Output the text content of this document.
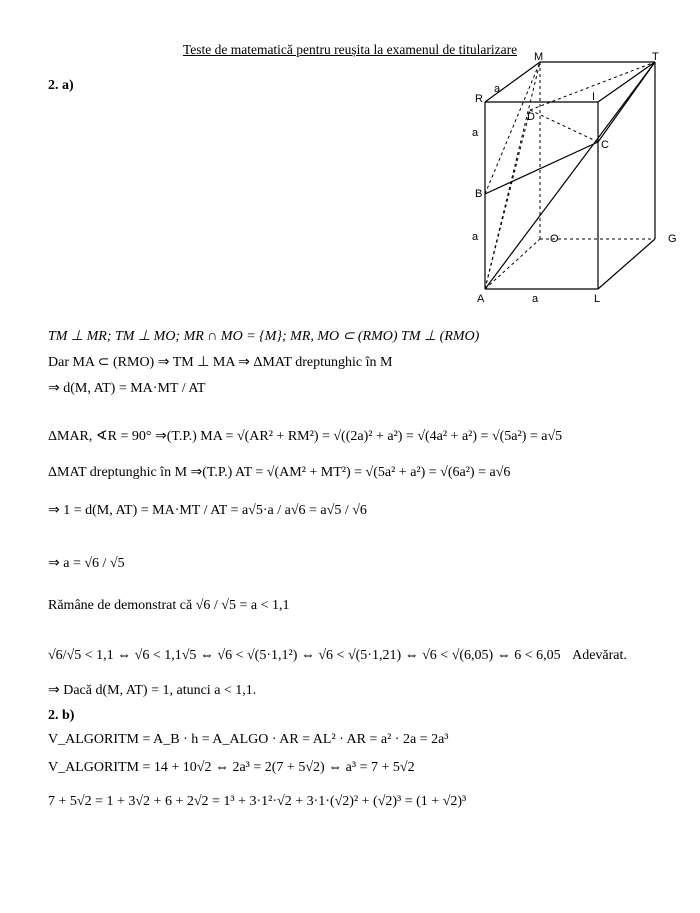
Teste de matematică pentru reușita la examenul de titularizare
2. a)
M	T
R	I
D
C
B
O	G
A	L
a
a
a
a
TM ⊥ MR; TM ⊥ MO; MR ∩ MO = {M}; MR, MO ⊂ (RMO) TM ⊥ (RMO)
Dar MA ⊂ (RMO) ⇒ TM ⊥ MA ⇒ ΔMAT dreptunghic în M
⇒ d(M, AT) = MA·MT / AT
ΔMAR, ∢R = 90° ⇒(T.P.) MA = √(AR² + RM²) = √((2a)² + a²) = √(4a² + a²) = √(5a²) = a√5
ΔMAT dreptunghic în M ⇒(T.P.) AT = √(AM² + MT²) = √(5a² + a²) = √(6a²) = a√6
⇒ 1 = d(M, AT) = MA·MT / AT = a√5·a / a√6 = a√5 / √6
⇒ a = √6 / √5
Rămâne de demonstrat că √6 / √5 = a < 1,1
√6/√5 < 1,1 ⇔ √6 < 1,1√5 ⇔ √6 < √(5·1,1²) ⇔ √6 < √(5·1,21) ⇔ √6 < √(6,05) ⇔ 6 < 6,05 Adevărat.
⇒ Dacă d(M, AT) = 1, atunci a < 1,1.
2. b)
V_ALGORITM = A_B · h = A_ALGO · AR = AL² · AR = a² · 2a = 2a³
V_ALGORITM = 14 + 10√2 ⇔ 2a³ = 2(7 + 5√2) ⇔ a³ = 7 + 5√2
7 + 5√2 = 1 + 3√2 + 6 + 2√2 = 1³ + 3·1²·√2 + 3·1·(√2)² + (√2)³ = (1 + √2)³
